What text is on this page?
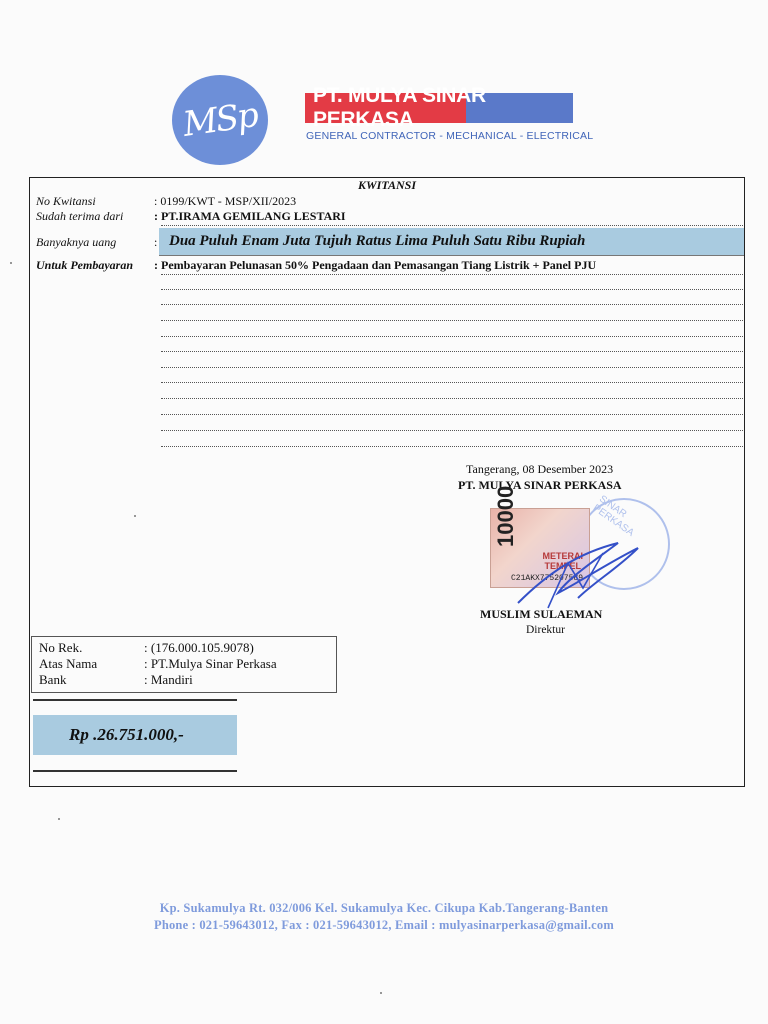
MSp	PT. MULYA SINAR PERKASA
GENERAL CONTRACTOR - MECHANICAL - ELECTRICAL
KWITANSI
No Kwitansi	: 0199/KWT - MSP/XII/2023
Sudah terima dari	: PT.IRAMA GEMILANG LESTARI
Banyaknya uang	: Dua Puluh Enam Juta Tujuh Ratus Lima Puluh Satu Ribu Rupiah
Untuk Pembayaran : Pembayaran Pelunasan 50% Pengadaan dan Pemasangan Tiang Listrik + Panel PJU
Tangerang, 08 Desember 2023
PT. MULYA SINAR PERKASA
SINAR PERKASA
10000
METERAI
TEMPEL
C21AKX775207589
MUSLIM SULAEMAN
Direktur
No Rek.	: (176.000.105.9078)
Atas Nama	: PT.Mulya Sinar Perkasa
Bank	: Mandiri
Rp .26.751.000,-
Kp. Sukamulya Rt. 032/006 Kel. Sukamulya Kec. Cikupa Kab.Tangerang-Banten
Phone : 021-59643012, Fax : 021-59643012, Email : mulyasinarperkasa@gmail.com
